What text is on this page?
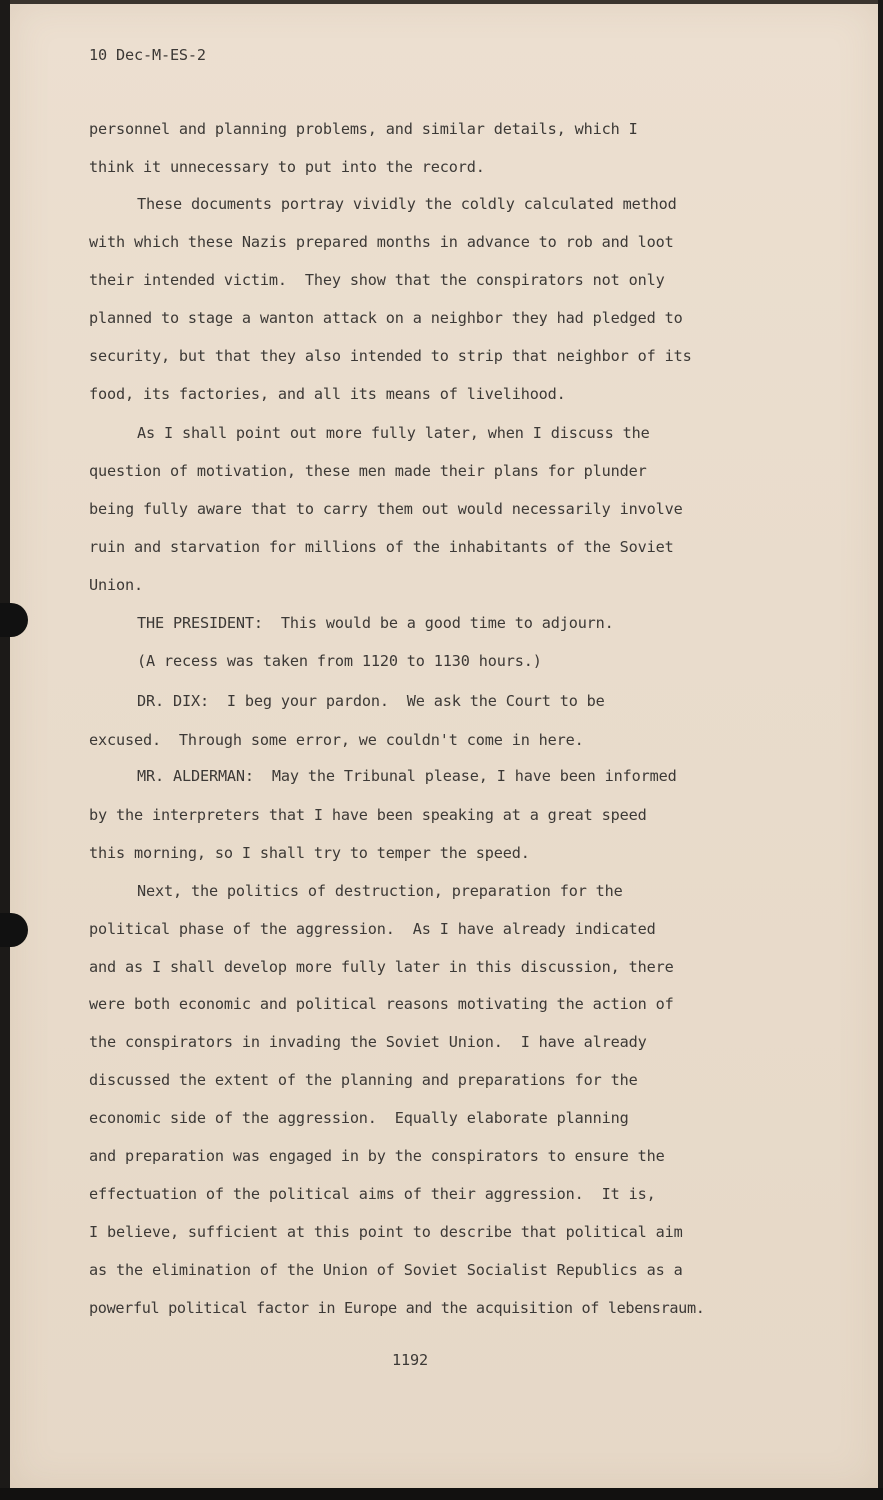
10 Dec-M-ES-2
personnel and planning problems, and similar details, which I
think it unnecessary to put into the record.
These documents portray vividly the coldly calculated method
with which these Nazis prepared months in advance to rob and loot
their intended victim.  They show that the conspirators not only
planned to stage a wanton attack on a neighbor they had pledged to
security, but that they also intended to strip that neighbor of its
food, its factories, and all its means of livelihood.
As I shall point out more fully later, when I discuss the
question of motivation, these men made their plans for plunder
being fully aware that to carry them out would necessarily involve
ruin and starvation for millions of the inhabitants of the Soviet
Union.
THE PRESIDENT:  This would be a good time to adjourn.
(A recess was taken from 1120 to 1130 hours.)
DR. DIX:  I beg your pardon.  We ask the Court to be
excused.  Through some error, we couldn't come in here.
MR. ALDERMAN:  May the Tribunal please, I have been informed
by the interpreters that I have been speaking at a great speed
this morning, so I shall try to temper the speed.
Next, the politics of destruction, preparation for the
political phase of the aggression.  As I have already indicated
and as I shall develop more fully later in this discussion, there
were both economic and political reasons motivating the action of
the conspirators in invading the Soviet Union.  I have already
discussed the extent of the planning and preparations for the
economic side of the aggression.  Equally elaborate planning
and preparation was engaged in by the conspirators to ensure the
effectuation of the political aims of their aggression.  It is,
I believe, sufficient at this point to describe that political aim
as the elimination of the Union of Soviet Socialist Republics as a
powerful political factor in Europe and the acquisition of lebensraum.
1192
